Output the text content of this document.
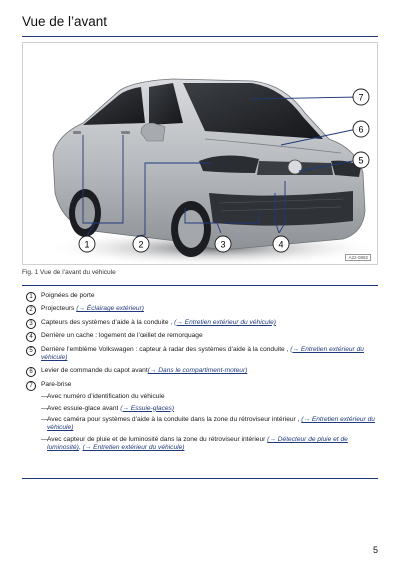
Vue de l’avant
1	2	3	4
5
6
7
A22-0882
Fig. 1 Vue de l’avant du véhicule
1	Poignées de porte
2	Projecteurs (→ Éclairage extérieur)
3	Capteurs des systèmes d’aide à la conduite , (→ Entretien extérieur du véhicule)
4	Derrière un cache : logement de l’œillet de remorquage
5	Derrière l’emblème Volkswagen : capteur à radar des systèmes d’aide à la conduite , (→ Entretien extérieur du véhicule)
6	Levier de commande du capot avant(→ Dans le compartiment-moteur)
7	Pare-brise
— Avec numéro d’identification du véhicule
— Avec essuie-glace avant (→ Essuie-glaces)
— Avec caméra pour systèmes d’aide à la conduite dans la zone du rétroviseur intérieur , (→ Entretien extérieur du véhicule)
— Avec capteur de pluie et de luminosité dans la zone du rétroviseur intérieur (→ Détecteur de pluie et de luminosité), (→ Entretien extérieur du véhicule)
5
